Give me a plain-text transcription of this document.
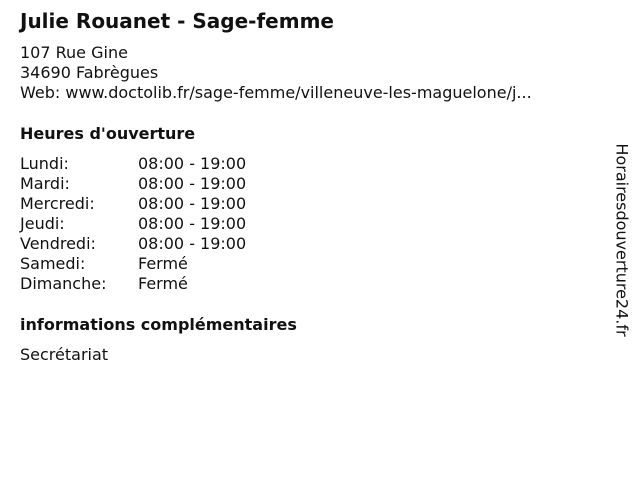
Julie Rouanet - Sage-femme
107 Rue Gine
34690 Fabrègues
Web: www.doctolib.fr/sage-femme/villeneuve-les-maguelone/j...
Heures d'ouverture
Lundi:	08:00 - 19:00
Mardi:	08:00 - 19:00
Mercredi:	08:00 - 19:00
Jeudi:	08:00 - 19:00
Vendredi:	08:00 - 19:00
Samedi:	Fermé
Dimanche: Fermé
informations complémentaires
Secrétariat
Horairesdouverture24.fr
